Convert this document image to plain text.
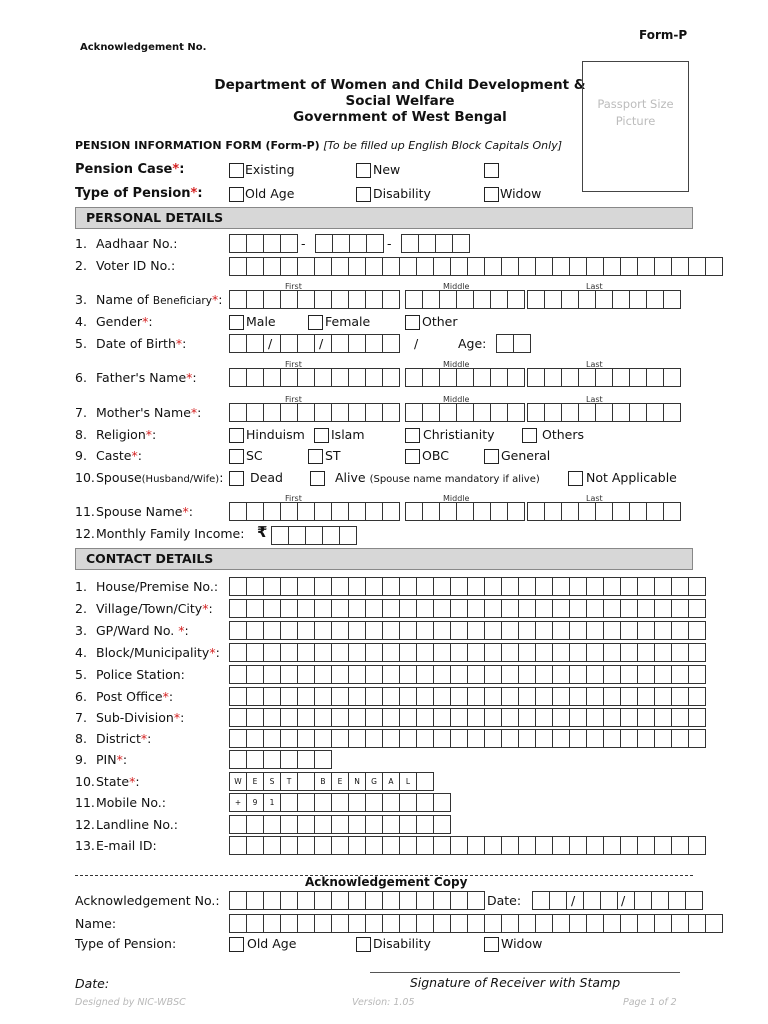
Form-P
Acknowledgement No.
Department of Women and Child Development &
Social Welfare
Government of West Bengal
Passport Size
Picture
PENSION INFORMATION FORM (Form-P) [To be filled up English Block Capitals Only]
Pension Case*:	Existing	New
Type of Pension*:	Old Age	Disability	Widow
PERSONAL DETAILS
1. Aadhaar No.:	-	-
2. Voter ID No.:
First	Middle	Last
3. Name of Beneficiary*:
4. Gender*:	Male	Female	Other
5. Date of Birth*:	/	/	/	Age:
First	Middle	Last
6. Father's Name*:
First	Middle	Last
7. Mother's Name*:
8. Religion*:	Hinduism Islam	Christianity	Others
9. Caste*:	SC	ST	OBC	General
10. Spouse(Husband/Wife): Dead	Alive (Spouse name mandatory if alive)	Not Applicable
First	Middle	Last
11. Spouse Name*:
12. Monthly Family Income: ₹
CONTACT DETAILS
1. House/Premise No.:
2. Village/Town/City*:
3. GP/Ward No. *:
4. Block/Municipality*:
5. Police Station:
6. Post Office*:
7. Sub-Division*:
8. District*:
9. PIN*:
10. State*:	W	E	S	T	B	E	N	G	A	L
11. Mobile No.:	+	9	1
12. Landline No.:
13. E-mail ID:
Acknowledgement Copy
Acknowledgement No.:	Date:	/	/
Name:
Type of Pension:	Old Age	Disability	Widow
Date:	Signature of Receiver with Stamp
Designed by NIC-WBSC	Version: 1.05	Page 1 of 2
